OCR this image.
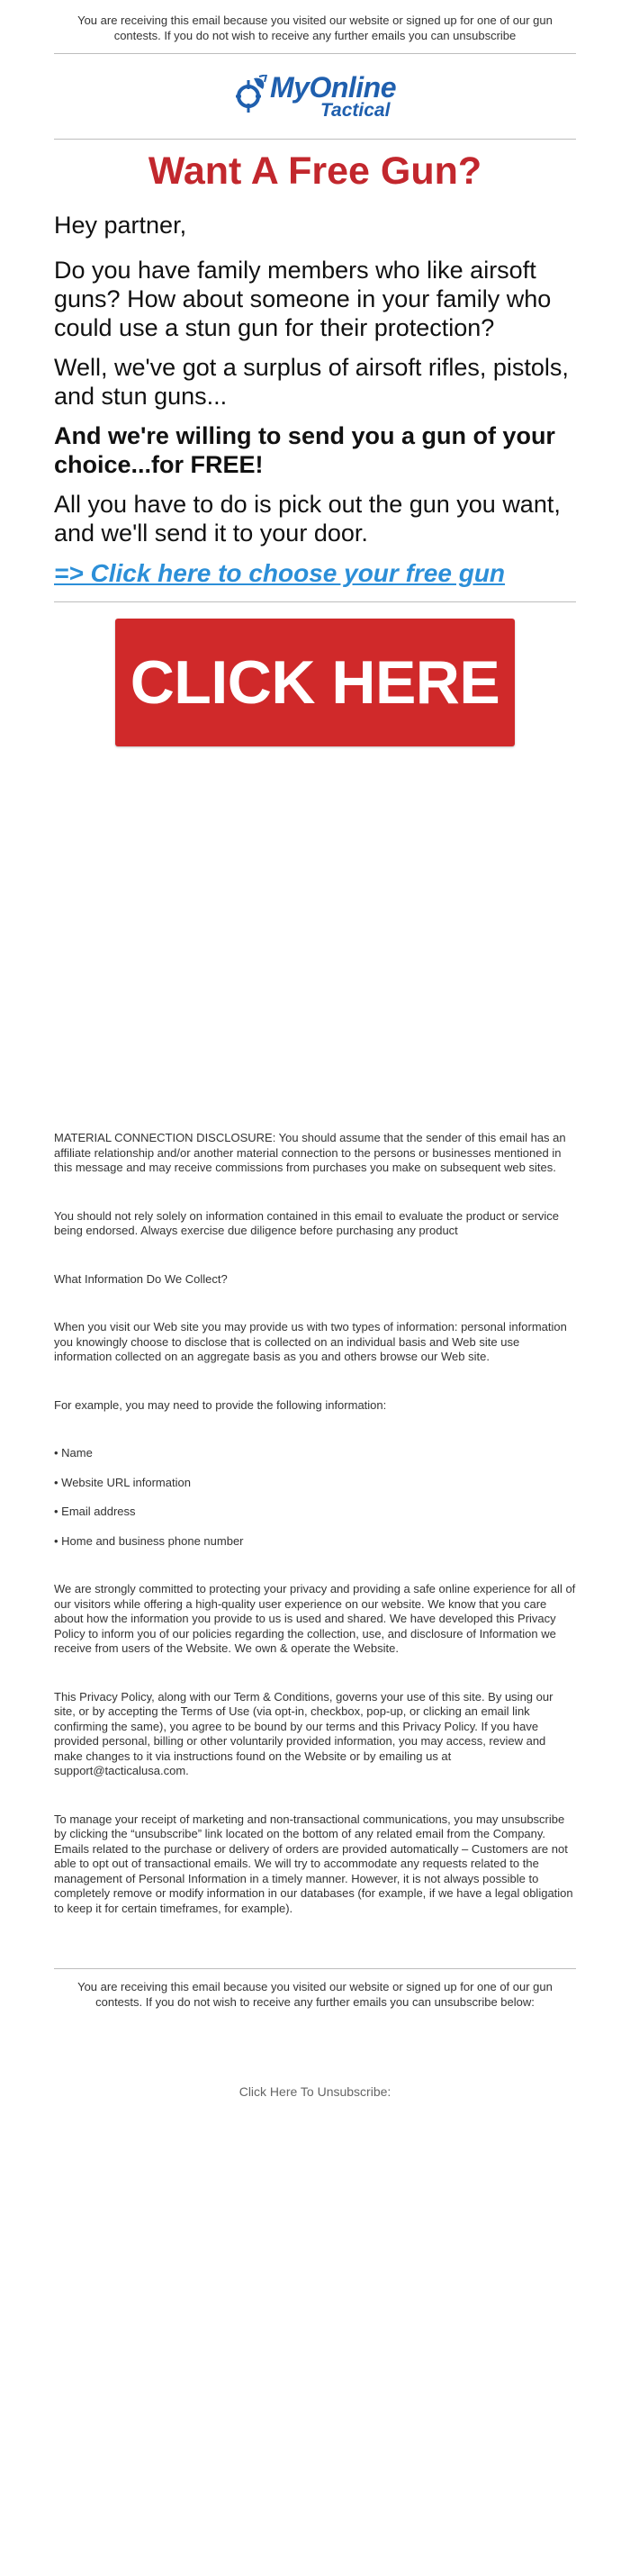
You are receiving this email because you visited our website or signed up for one of our gun contests. If you do not wish to receive any further emails you can unsubscribe
MyOnline
Tactical
Want A Free Gun?

Hey partner,

Do you have family members who like airsoft guns? How about someone in your family who could use a stun gun for their protection?

Well, we've got a surplus of airsoft rifles, pistols, and stun guns...

And we're willing to send you a gun of your choice...for FREE!

All you have to do is pick out the gun you want, and we'll send it to your door.

=> Click here to choose your free gun
CLICK HERE

MATERIAL CONNECTION DISCLOSURE: You should assume that the sender of this email has an affiliate relationship and/or another material connection to the persons or businesses mentioned in this message and may receive commissions from purchases you make on subsequent web sites.

You should not rely solely on information contained in this email to evaluate the product or service being endorsed. Always exercise due diligence before purchasing any product

What Information Do We Collect?

When you visit our Web site you may provide us with two types of information: personal information you knowingly choose to disclose that is collected on an individual basis and Web site use information collected on an aggregate basis as you and others browse our Web site.

For example, you may need to provide the following information:

• Name

• Website URL information

• Email address

• Home and business phone number

We are strongly committed to protecting your privacy and providing a safe online experience for all of our visitors while offering a high-quality user experience on our website. We know that you care about how the information you provide to us is used and shared. We have developed this Privacy Policy to inform you of our policies regarding the collection, use, and disclosure of Information we receive from users of the Website. We own & operate the Website.

This Privacy Policy, along with our Term & Conditions, governs your use of this site. By using our site, or by accepting the Terms of Use (via opt-in, checkbox, pop-up, or clicking an email link confirming the same), you agree to be bound by our terms and this Privacy Policy. If you have provided personal, billing or other voluntarily provided information, you may access, review and make changes to it via instructions found on the Website or by emailing us at support@tacticalusa.com.

To manage your receipt of marketing and non-transactional communications, you may unsubscribe by clicking the “unsubscribe” link located on the bottom of any related email from the Company. Emails related to the purchase or delivery of orders are provided automatically – Customers are not able to opt out of transactional emails. We will try to accommodate any requests related to the management of Personal Information in a timely manner. However, it is not always possible to completely remove or modify information in our databases (for example, if we have a legal obligation to keep it for certain timeframes, for example).

You are receiving this email because you visited our website or signed up for one of our gun contests. If you do not wish to receive any further emails you can unsubscribe below:
Click Here To Unsubscribe:
